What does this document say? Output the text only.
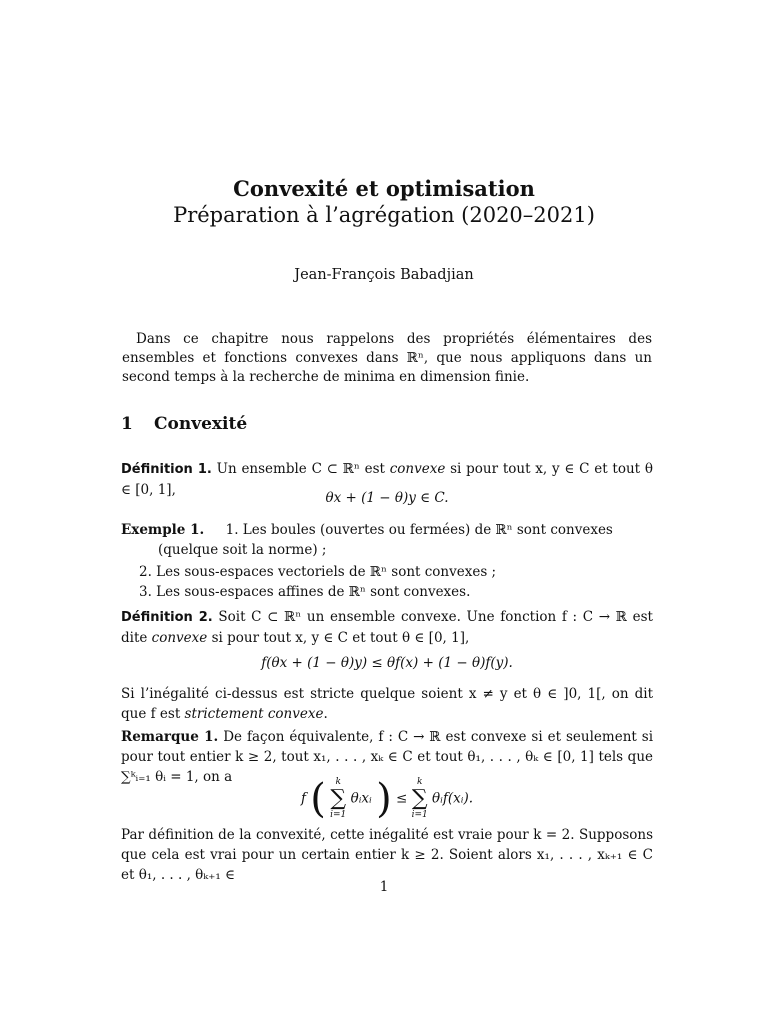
Convexité et optimisation
Préparation à l’agrégation (2020–2021)
Jean-François Babadjian
Dans ce chapitre nous rappelons des propriétés élémentaires des ensembles et fonctions convexes dans ℝⁿ, que nous appliquons dans un second temps à la recherche de minima en dimension finie.
1 Convexité
Définition 1. Un ensemble C ⊂ ℝⁿ est convexe si pour tout x, y ∈ C et tout θ ∈ [0, 1],	θx + (1 − θ)y ∈ C.
Exemple 1. 1. Les boules (ouvertes ou fermées) de ℝⁿ sont convexes (quelque soit la norme) ;
2. Les sous-espaces vectoriels de ℝⁿ sont convexes ;
3. Les sous-espaces affines de ℝⁿ sont convexes.
Définition 2. Soit C ⊂ ℝⁿ un ensemble convexe. Une fonction f : C → ℝ est dite convexe si pour tout x, y ∈ C et tout θ ∈ [0, 1],
f(θx + (1 − θ)y) ≤ θf(x) + (1 − θ)f(y).
Si l’inégalité ci-dessus est stricte quelque soient x ≠ y et θ ∈ ]0, 1[, on dit que f est strictement convexe.
Remarque 1. De façon équivalente, f : C → ℝ est convexe si et seulement si pour tout entier k ≥ 2, tout x₁, . . . , xₖ ∈ C et tout θ₁, . . . , θₖ ∈ [0, 1] tels que ∑ᵏᵢ₌₁ θᵢ = 1, on a
f (	k
∑
i=1
θᵢxᵢ ) ≤
k
∑
i=1
θᵢf(xᵢ).
Par définition de la convexité, cette inégalité est vraie pour k = 2. Supposons que cela est vrai pour un certain entier k ≥ 2. Soient alors x₁, . . . , xₖ₊₁ ∈ C et θ₁, . . . , θₖ₊₁ ∈
1
